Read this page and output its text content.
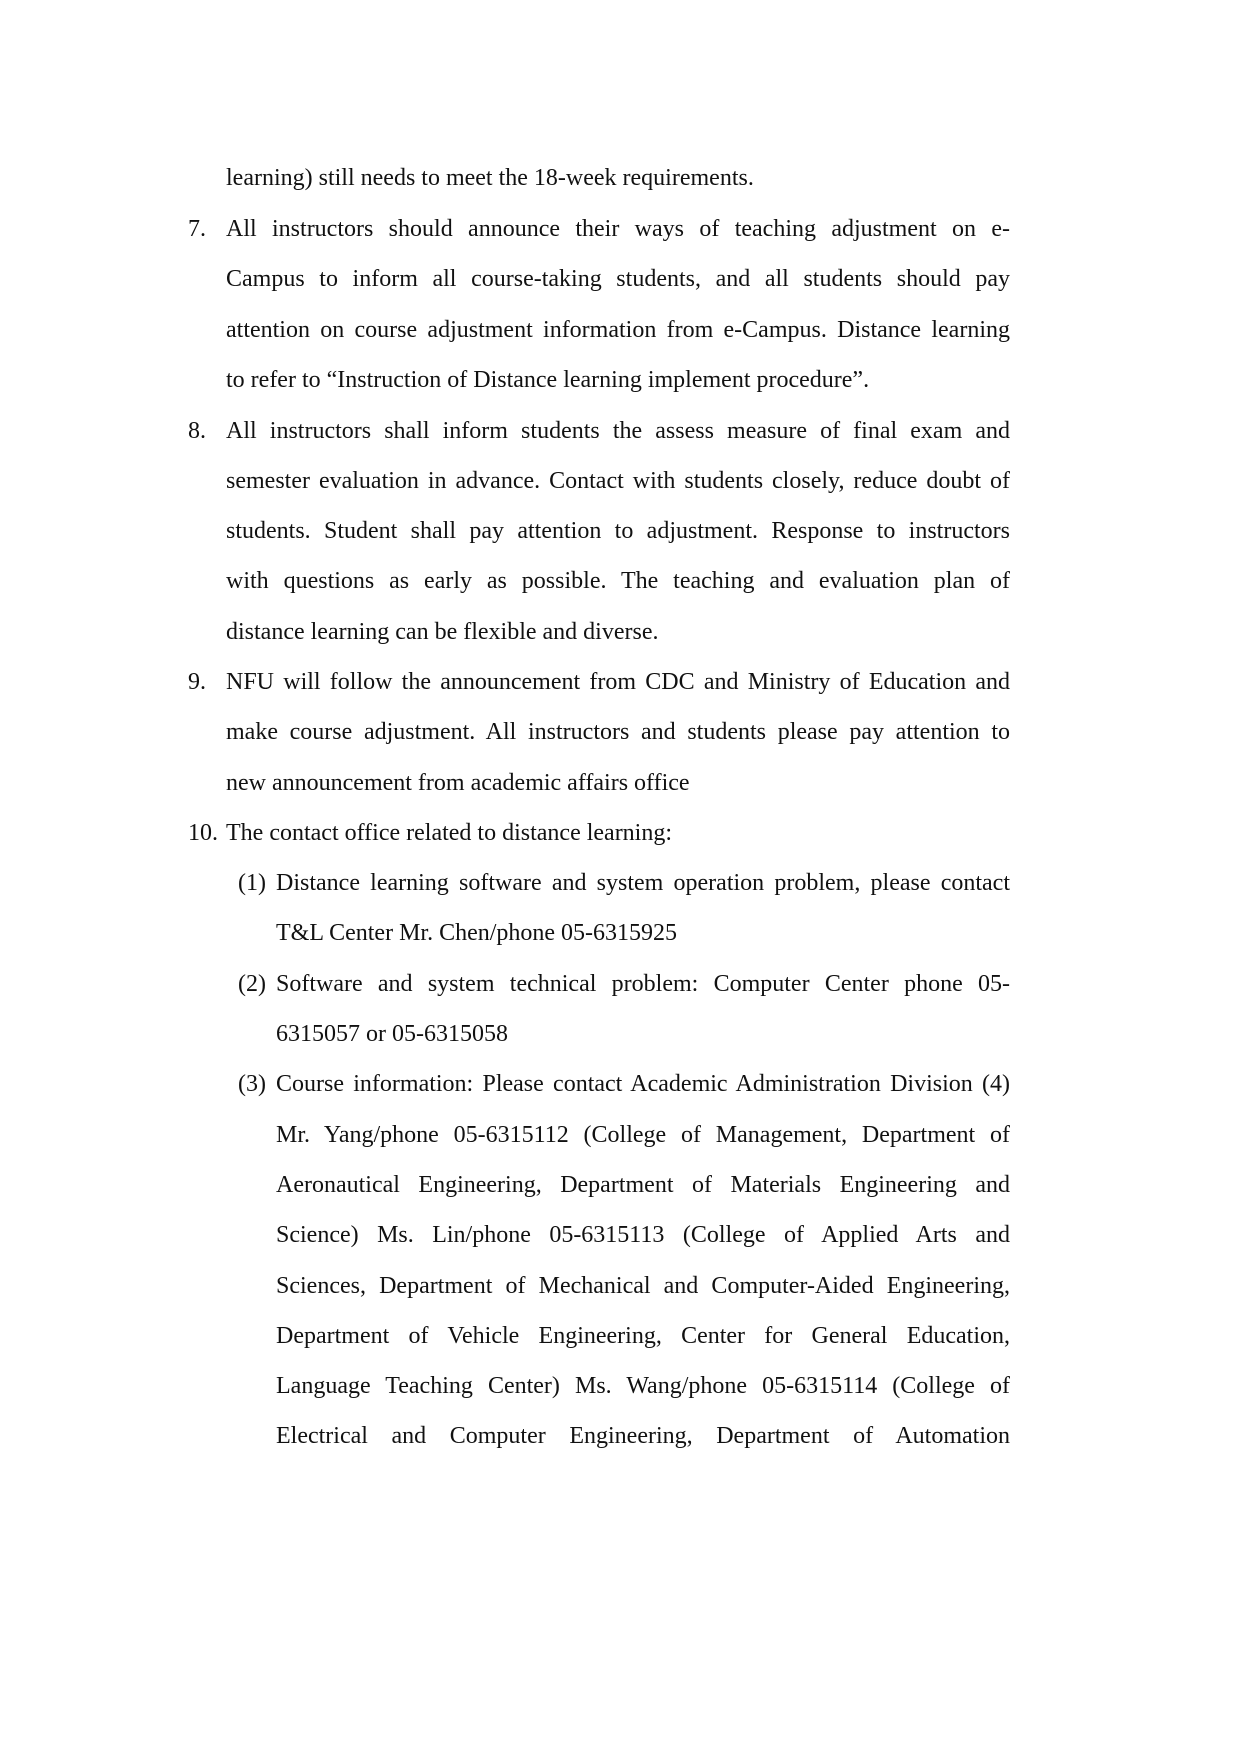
learning) still needs to meet the 18-week requirements.
7. All instructors should announce their ways of teaching adjustment on e-
Campus to inform all course-taking students, and all students should pay
attention on course adjustment information from e-Campus. Distance learning
to refer to “Instruction of Distance learning implement procedure”.
8. All instructors shall inform students the assess measure of final exam and
semester evaluation in advance. Contact with students closely, reduce doubt of
students. Student shall pay attention to adjustment. Response to instructors
with questions as early as possible. The teaching and evaluation plan of
distance learning can be flexible and diverse.
9. NFU will follow the announcement from CDC and Ministry of Education and
make course adjustment. All instructors and students please pay attention to
new announcement from academic affairs office
10. The contact office related to distance learning:
(1) Distance learning software and system operation problem, please contact
T&L Center Mr. Chen/phone 05-6315925
(2) Software and system technical problem: Computer Center phone 05-
6315057 or 05-6315058
(3) Course information: Please contact Academic Administration Division (4)
Mr. Yang/phone 05-6315112 (College of Management, Department of
Aeronautical Engineering, Department of Materials Engineering and
Science) Ms. Lin/phone 05-6315113 (College of Applied Arts and
Sciences, Department of Mechanical and Computer-Aided Engineering,
Department of Vehicle Engineering, Center for General Education,
Language Teaching Center) Ms. Wang/phone 05-6315114 (College of
Electrical and Computer Engineering, Department of Automation
